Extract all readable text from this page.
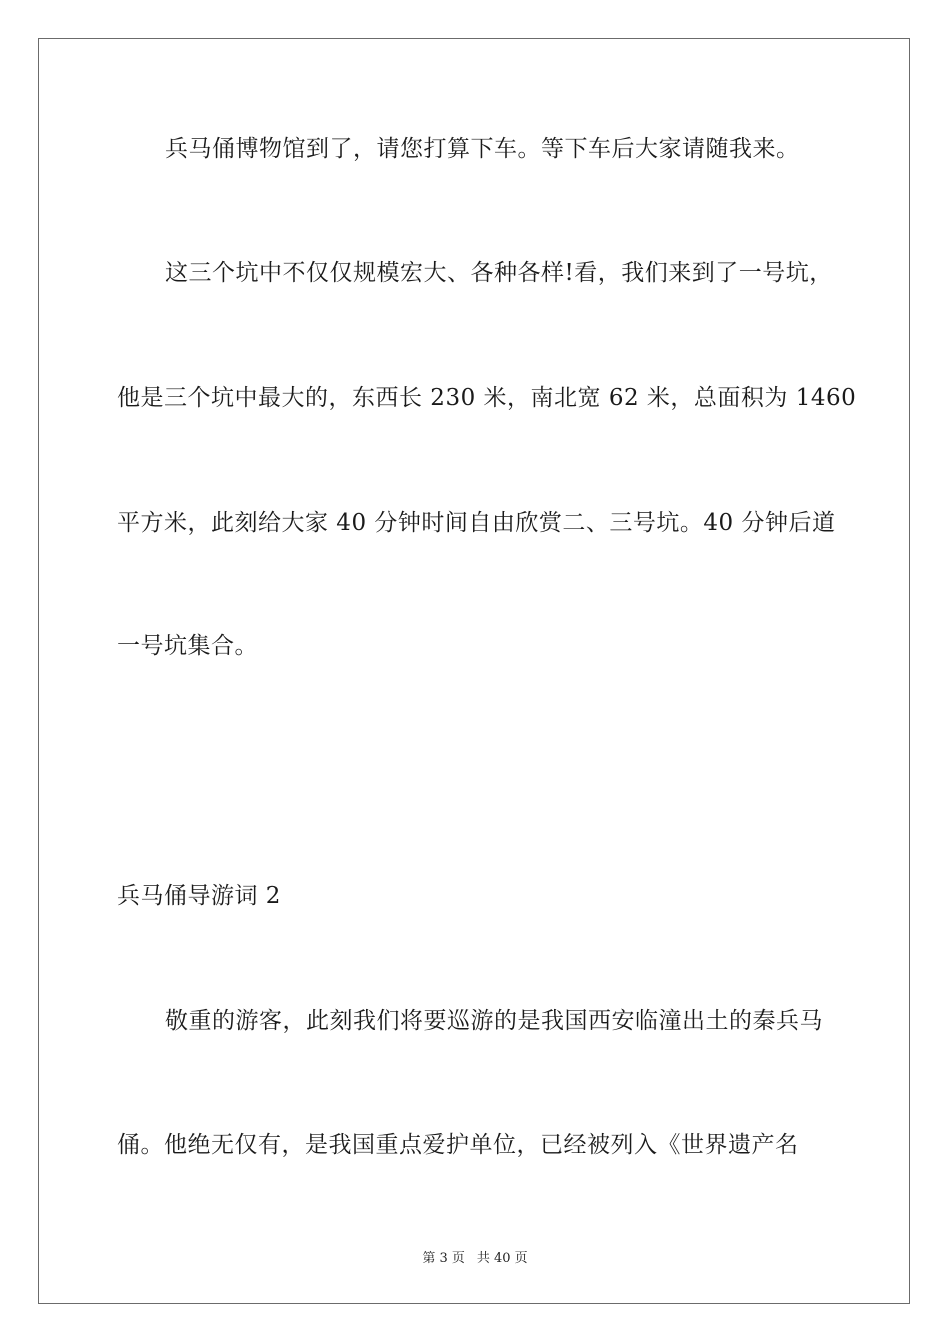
兵马俑博物馆到了，请您打算下车。等下车后大家请随我来。
这三个坑中不仅仅规模宏大、各种各样!看，我们来到了一号坑，
他是三个坑中最大的，东西长 230 米，南北宽 62 米，总面积为 1460
平方米，此刻给大家 40 分钟时间自由欣赏二、三号坑。40 分钟后道
一号坑集合。
兵马俑导游词 2
敬重的游客，此刻我们将要巡游的是我国西安临潼出土的秦兵马
俑。他绝无仅有，是我国重点爱护单位，已经被列入《世界遗产名
第 3 页 共 40 页
